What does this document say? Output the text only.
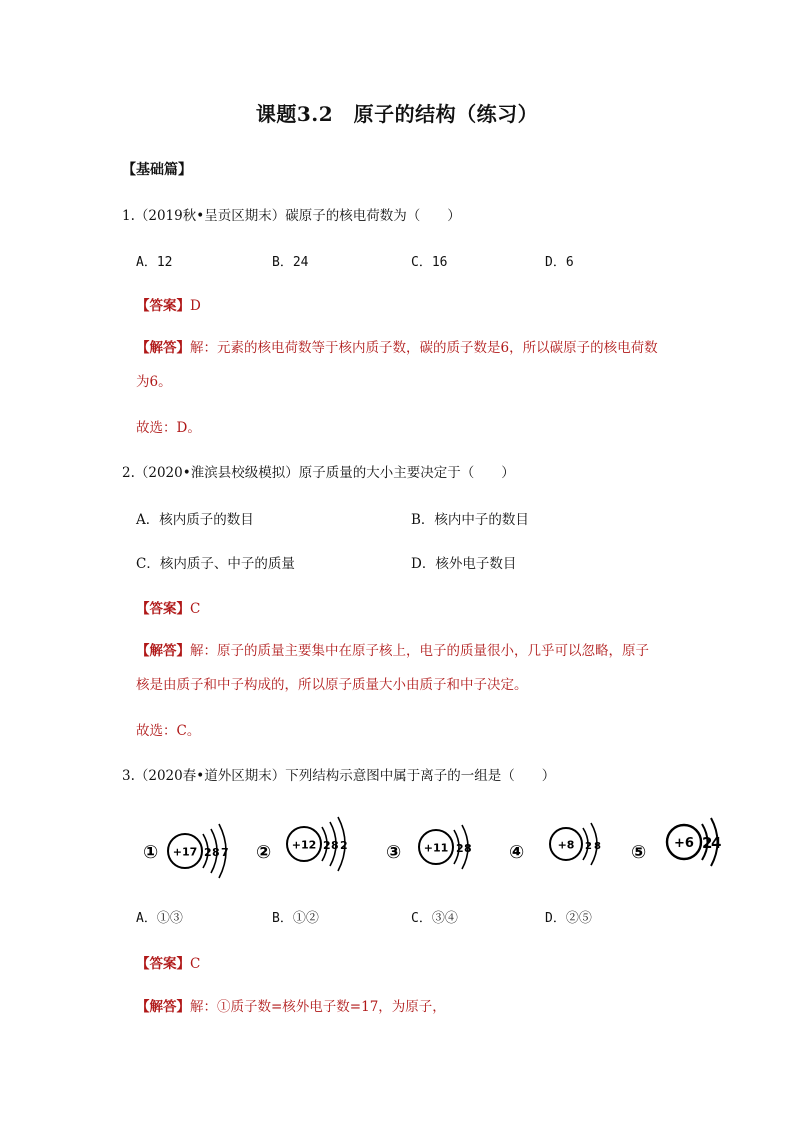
课题3.2　原子的结构（练习）
【基础篇】
1.（2019秋•呈贡区期末）碳原子的核电荷数为（　　）
A．12	B．24	C．16	D．6
【答案】D
【解答】解：元素的核电荷数等于核内质子数，碳的质子数是6，所以碳原子的核电荷数
为6。
故选：D。
2.（2020•淮滨县校级模拟）原子质量的大小主要决定于（　　）
A．核内质子的数目	B．核内中子的数目
C．核内质子、中子的质量	D．核外电子数目
【答案】C
【解答】解：原子的质量主要集中在原子核上，电子的质量很小，几乎可以忽略，原子
核是由质子和中子构成的，所以原子质量大小由质子和中子决定。
故选：C。
3.（2020春•道外区期末）下列结构示意图中属于离子的一组是（　　）
① +17 2 8 7 ② +12 2 8 2 ③ +11 2 8 ④	+8 2 8 ⑤ +6 2
4
A．①③	B．①②	C．③④	D．②⑤
【答案】C
【解答】解：①质子数=核外电子数=17，为原子，
